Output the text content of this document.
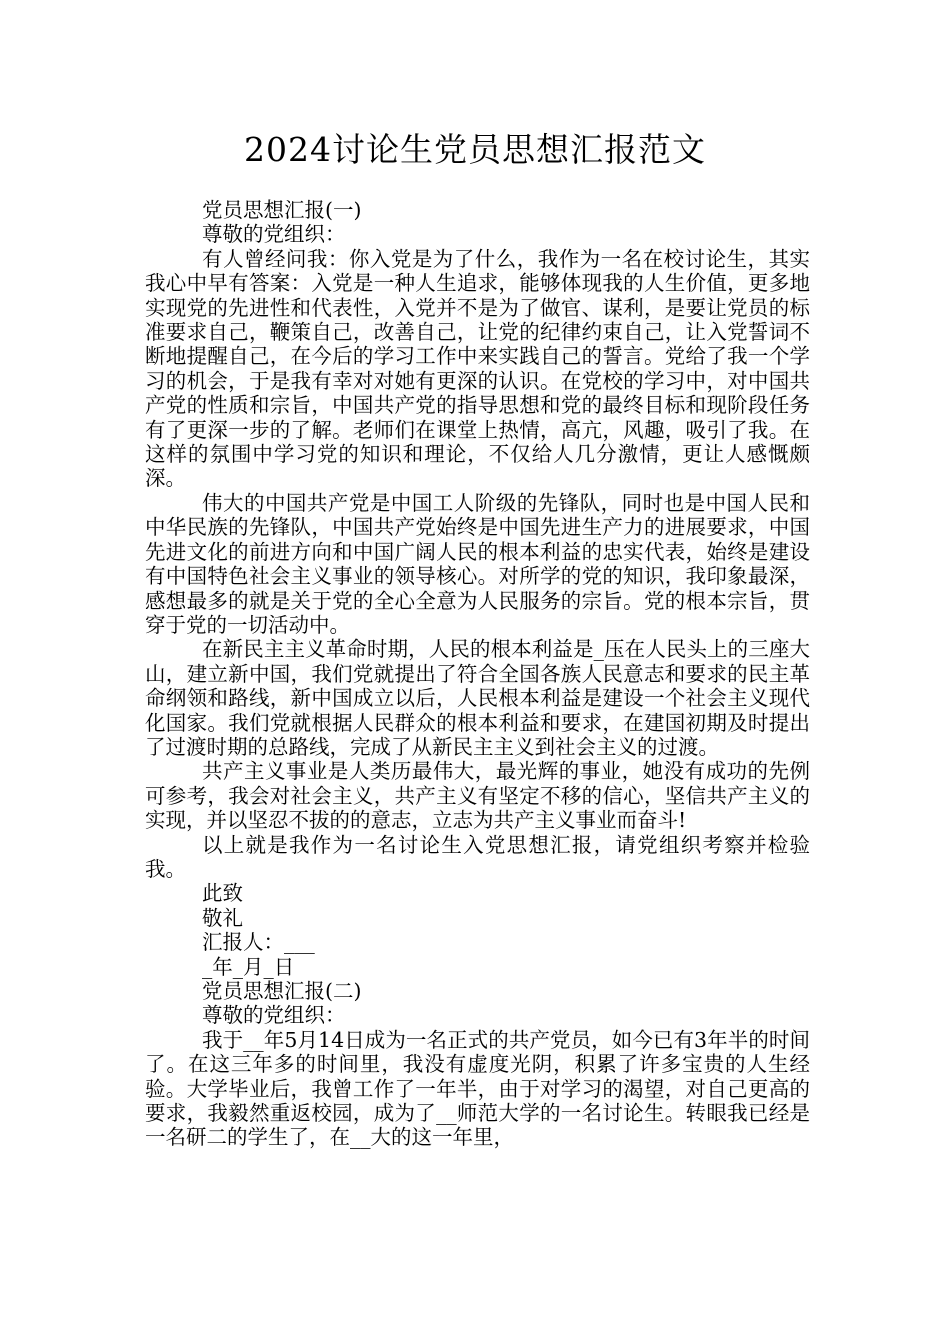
2024讨论生党员思想汇报范文

党员思想汇报(一)

尊敬的党组织：

有人曾经问我：你入党是为了什么，我作为一名在校讨论生，其实我心中早有答案：入党是一种人生追求，能够体现我的人生价值，更多地实现党的先进性和代表性，入党并不是为了做官、谋利，是要让党员的标准要求自己，鞭策自己，改善自己，让党的纪律约束自己，让入党誓词不断地提醒自己，在今后的学习工作中来实践自己的誓言。党给了我一个学习的机会，于是我有幸对对她有更深的认识。在党校的学习中，对中国共产党的性质和宗旨，中国共产党的指导思想和党的最终目标和现阶段任务有了更深一步的了解。老师们在课堂上热情，高亢，风趣，吸引了我。在这样的氛围中学习党的知识和理论，不仅给人几分激情，更让人感慨颇深。

伟大的中国共产党是中国工人阶级的先锋队，同时也是中国人民和中华民族的先锋队，中国共产党始终是中国先进生产力的进展要求，中国先进文化的前进方向和中国广阔人民的根本利益的忠实代表，始终是建设有中国特色社会主义事业的领导核心。对所学的党的知识，我印象最深，感想最多的就是关于党的全心全意为人民服务的宗旨。党的根本宗旨，贯穿于党的一切活动中。

在新民主主义革命时期，人民的根本利益是_压在人民头上的三座大山，建立新中国，我们党就提出了符合全国各族人民意志和要求的民主革命纲领和路线，新中国成立以后，人民根本利益是建设一个社会主义现代化国家。我们党就根据人民群众的根本利益和要求，在建国初期及时提出了过渡时期的总路线，完成了从新民主主义到社会主义的过渡。

共产主义事业是人类历最伟大，最光辉的事业，她没有成功的先例可参考，我会对社会主义，共产主义有坚定不移的信心，坚信共产主义的实现，并以坚忍不拔的的意志，立志为共产主义事业而奋斗!

以上就是我作为一名讨论生入党思想汇报，请党组织考察并检验我。

此致

敬礼

汇报人：___

_年_月_日

党员思想汇报(二)

尊敬的党组织：

我于__年5月14日成为一名正式的共产党员，如今已有3年半的时间了。在这三年多的时间里，我没有虚度光阴，积累了许多宝贵的人生经验。大学毕业后，我曾工作了一年半，由于对学习的渴望，对自己更高的要求，我毅然重返校园，成为了__师范大学的一名讨论生。转眼我已经是一名研二的学生了，在__大的这一年里，
